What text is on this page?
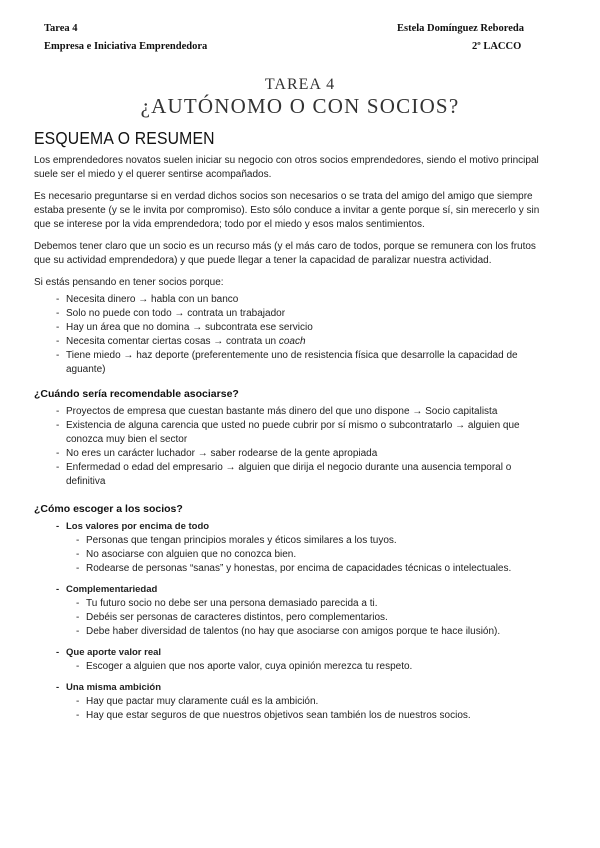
Tarea 4
Empresa e Iniciativa Emprendedora
Estela Domínguez Reboreda
2º LACCO
TAREA 4
¿AUTÓNOMO O CON SOCIOS?
ESQUEMA O RESUMEN

Los emprendedores novatos suelen iniciar su negocio con otros socios emprendedores, siendo el motivo principal suele ser el miedo y el querer sentirse acompañados.

Es necesario preguntarse si en verdad dichos socios son necesarios o se trata del amigo del amigo que siempre estaba presente (y se le invita por compromiso). Esto sólo conduce a invitar a gente porque sí, sin merecerlo y sin que se interese por la vida emprendedora; todo por el miedo y esos malos sentimientos.

Debemos tener claro que un socio es un recurso más (y el más caro de todos, porque se remunera con los frutos que su actividad emprendedora) y que puede llegar a tener la capacidad de paralizar nuestra actividad.

Si estás pensando en tener socios porque:

- Necesita dinero → habla con un banco
- Solo no puede con todo → contrata un trabajador
- Hay un área que no domina → subcontrata ese servicio
- Necesita comentar ciertas cosas → contrata un coach
- Tiene miedo → haz deporte (preferentemente uno de resistencia física que desarrolle la capacidad de aguante)
¿Cuándo sería recomendable asociarse?
- Proyectos de empresa que cuestan bastante más dinero del que uno dispone → Socio capitalista
- Existencia de alguna carencia que usted no puede cubrir por sí mismo o subcontratarlo → alguien que conozca muy bien el sector
- No eres un carácter luchador → saber rodearse de la gente apropiada
- Enfermedad o edad del empresario → alguien que dirija el negocio durante una ausencia temporal o definitiva
¿Cómo escoger a los socios?
- Los valores por encima de todo
- Personas que tengan principios morales y éticos similares a los tuyos.
- No asociarse con alguien que no conozca bien.
- Rodearse de personas “sanas” y honestas, por encima de capacidades técnicas o intelectuales.
- Complementariedad
- Tu futuro socio no debe ser una persona demasiado parecida a ti.
- Debéis ser personas de caracteres distintos, pero complementarios.
- Debe haber diversidad de talentos (no hay que asociarse con amigos porque te hace ilusión).
- Que aporte valor real
- Escoger a alguien que nos aporte valor, cuya opinión merezca tu respeto.
- Una misma ambición
- Hay que pactar muy claramente cuál es la ambición.
- Hay que estar seguros de que nuestros objetivos sean también los de nuestros socios.
